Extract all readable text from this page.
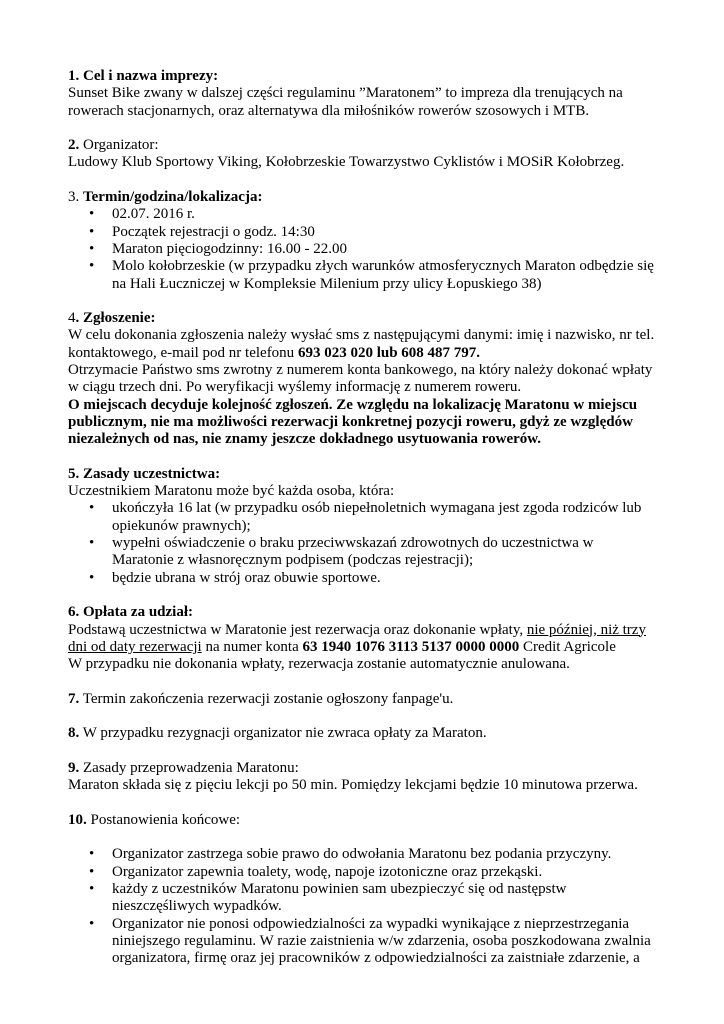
1. Cel i nazwa imprezy:

Sunset Bike zwany w dalszej części regulaminu ”Maratonem” to impreza dla trenujących na rowerach stacjonarnych, oraz alternatywa dla miłośników rowerów szosowych i MTB.

2. Organizator:

Ludowy Klub Sportowy Viking, Kołobrzeskie Towarzystwo Cyklistów i MOSiR Kołobrzeg.

3. Termin/godzina/lokalizacja:

• 02.07. 2016 r.
• Początek rejestracji o godz. 14:30
• Maraton pięciogodzinny: 16.00 - 22.00
• Molo kołobrzeskie (w przypadku złych warunków atmosferycznych Maraton odbędzie się na Hali Łuczniczej w Kompleksie Milenium przy ulicy Łopuskiego 38)

4. Zgłoszenie:

W celu dokonania zgłoszenia należy wysłać sms z następującymi danymi: imię i nazwisko, nr tel. kontaktowego, e-mail pod nr telefonu 693 023 020 lub 608 487 797.

Otrzymacie Państwo sms zwrotny z numerem konta bankowego, na który należy dokonać wpłaty w ciągu trzech dni. Po weryfikacji wyślemy informację z numerem roweru.

O miejscach decyduje kolejność zgłoszeń. Ze względu na lokalizację Maratonu w miejscu publicznym, nie ma możliwości rezerwacji konkretnej pozycji roweru, gdyż ze względów niezależnych od nas, nie znamy jeszcze dokładnego usytuowania rowerów.

5. Zasady uczestnictwa:

Uczestnikiem Maratonu może być każda osoba, która:

• ukończyła 16 lat (w przypadku osób niepełnoletnich wymagana jest zgoda rodziców lub opiekunów prawnych);
• wypełni oświadczenie o braku przeciwwskazań zdrowotnych do uczestnictwa w Maratonie z własnoręcznym podpisem (podczas rejestracji);
• będzie ubrana w strój oraz obuwie sportowe.

6. Opłata za udział:

Podstawą uczestnictwa w Maratonie jest rezerwacja oraz dokonanie wpłaty, nie później, niż trzy dni od daty rezerwacji na numer konta 63 1940 1076 3113 5137 0000 0000 Credit Agricole

W przypadku nie dokonania wpłaty, rezerwacja zostanie automatycznie anulowana.

7. Termin zakończenia rezerwacji zostanie ogłoszony fanpage'u.

8. W przypadku rezygnacji organizator nie zwraca opłaty za Maraton.

9. Zasady przeprowadzenia Maratonu:

Maraton składa się z pięciu lekcji po 50 min. Pomiędzy lekcjami będzie 10 minutowa przerwa.

10. Postanowienia końcowe:

• Organizator zastrzega sobie prawo do odwołania Maratonu bez podania przyczyny.
• Organizator zapewnia toalety, wodę, napoje izotoniczne oraz przekąski.
• każdy z uczestników Maratonu powinien sam ubezpieczyć się od następstw nieszczęśliwych wypadków.
• Organizator nie ponosi odpowiedzialności za wypadki wynikające z nieprzestrzegania niniejszego regulaminu. W razie zaistnienia w/w zdarzenia, osoba poszkodowana zwalnia organizatora, firmę oraz jej pracowników z odpowiedzialności za zaistniałe zdarzenie, a
